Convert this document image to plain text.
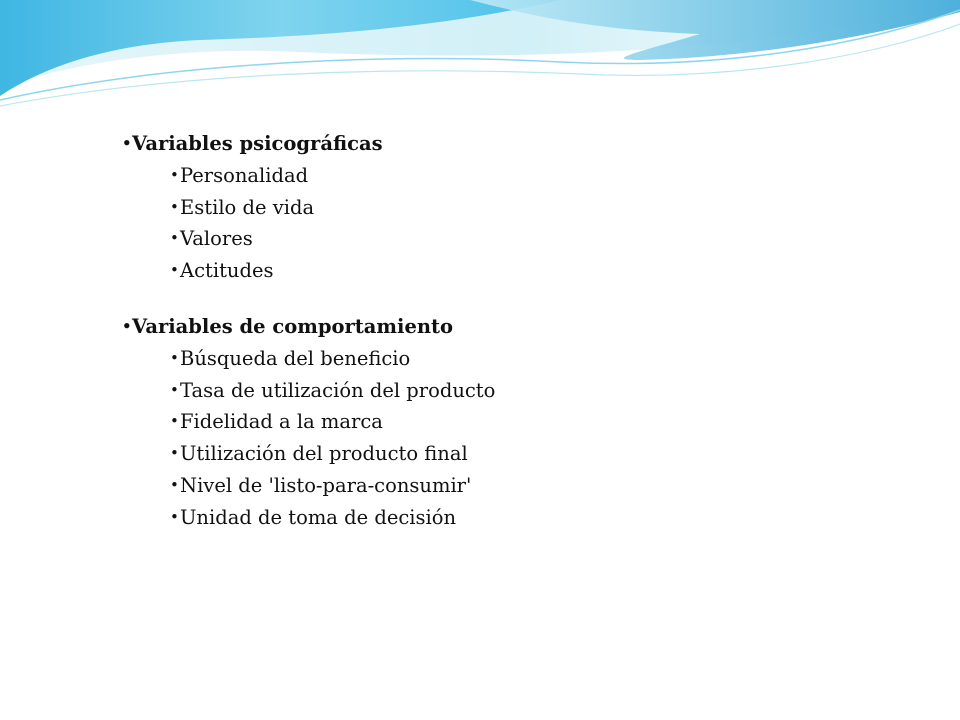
•Variables psicográficas
•Personalidad
•Estilo de vida
•Valores
•Actitudes
•Variables de comportamiento
•Búsqueda del beneficio
•Tasa de utilización del producto
•Fidelidad a la marca
•Utilización del producto final
•Nivel de 'listo-para-consumir'
•Unidad de toma de decisión
